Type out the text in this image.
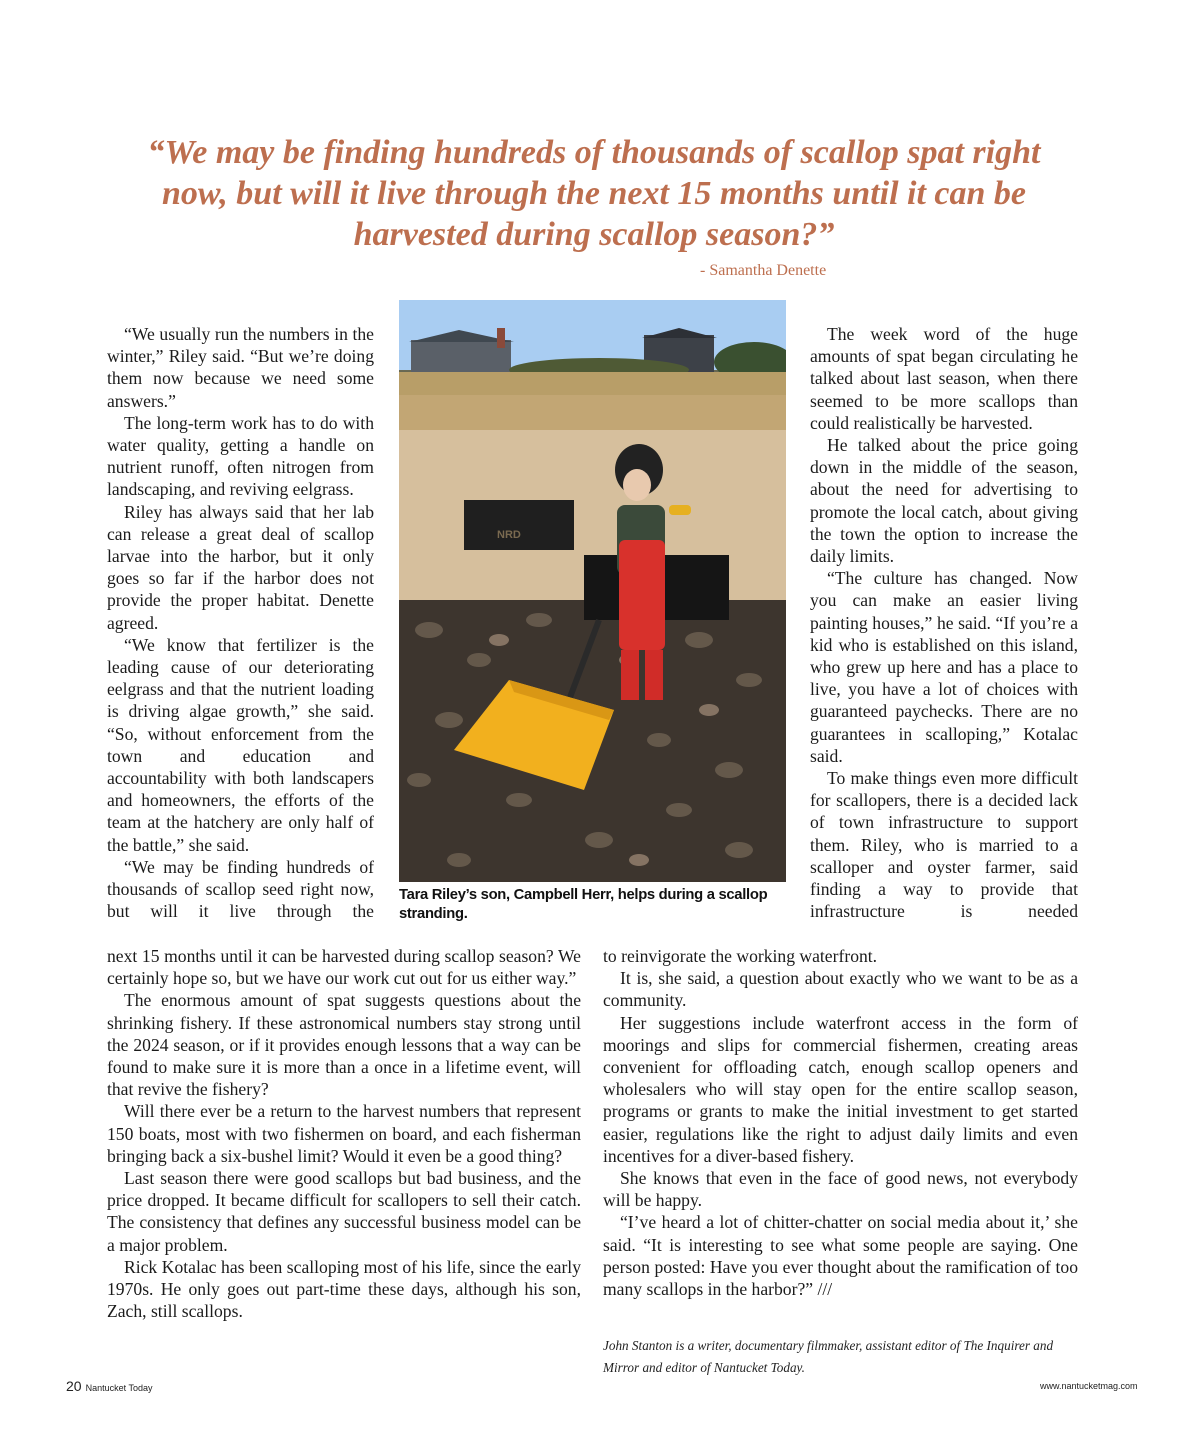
“We may be finding hundreds of thousands of scallop spat right now, but will it live through the next 15 months until it can be harvested during scallop season?”
- Samantha Denette

“We usually run the numbers in the winter,” Riley said. “But we’re doing them now because we need some answers.”

The long-term work has to do with water quality, getting a handle on nutrient runoff, often nitrogen from landscaping, and reviving eelgrass.

Riley has always said that her lab can release a great deal of scallop larvae into the harbor, but it only goes so far if the harbor does not provide the proper habitat. Denette agreed.

“We know that fertilizer is the leading cause of our deteriorating eelgrass and that the nutrient loading is driving algae growth,” she said. “So, without enforcement from the town and education and accountability with both landscapers and homeowners, the efforts of the team at the hatchery are only half of the battle,” she said.

“We may be finding hundreds of thousands of scallop seed right now, but will it live through the

NRD
Tara Riley’s son, Campbell Herr, helps during a scallop stranding.

The week word of the huge amounts of spat began circulating he talked about last season, when there seemed to be more scallops than could realistically be harvested.

He talked about the price going down in the middle of the season, about the need for advertising to promote the local catch, about giving the town the option to increase the daily limits.

“The culture has changed. Now you can make an easier living painting houses,” he said. “If you’re a kid who is established on this island, who grew up here and has a place to live, you have a lot of choices with guaranteed paychecks. There are no guarantees in scalloping,” Kotalac said.

To make things even more difficult for scallopers, there is a decided lack of town infrastructure to support them. Riley, who is married to a scalloper and oyster farmer, said finding a way to provide that infrastructure is needed

next 15 months until it can be harvested during scallop season? We certainly hope so, but we have our work cut out for us either way.”

The enormous amount of spat suggests questions about the shrinking fishery. If these astronomical numbers stay strong until the 2024 season, or if it provides enough lessons that a way can be found to make sure it is more than a once in a lifetime event, will that revive the fishery?

Will there ever be a return to the harvest numbers that represent 150 boats, most with two fishermen on board, and each fisherman bringing back a six-bushel limit? Would it even be a good thing?

Last season there were good scallops but bad business, and the price dropped. It became difficult for scallopers to sell their catch. The consistency that defines any successful business model can be a major problem.

Rick Kotalac has been scalloping most of his life, since the early 1970s. He only goes out part-time these days, although his son, Zach, still scallops.

to reinvigorate the working waterfront.

It is, she said, a question about exactly who we want to be as a community.

Her suggestions include waterfront access in the form of moorings and slips for commercial fishermen, creating areas convenient for offloading catch, enough scallop openers and wholesalers who will stay open for the entire scallop season, programs or grants to make the initial investment to get started easier, regulations like the right to adjust daily limits and even incentives for a diver-based fishery.

She knows that even in the face of good news, not everybody will be happy.

“I’ve heard a lot of chitter-chatter on social media about it,’ she said. “It is interesting to see what some people are saying. One person posted: Have you ever thought about the ramification of too many scallops in the harbor?” ///

John Stanton is a writer, documentary filmmaker, assistant editor of The Inquirer and Mirror and editor of Nantucket Today.
20 Nantucket Today	www.nantucketmag.com
